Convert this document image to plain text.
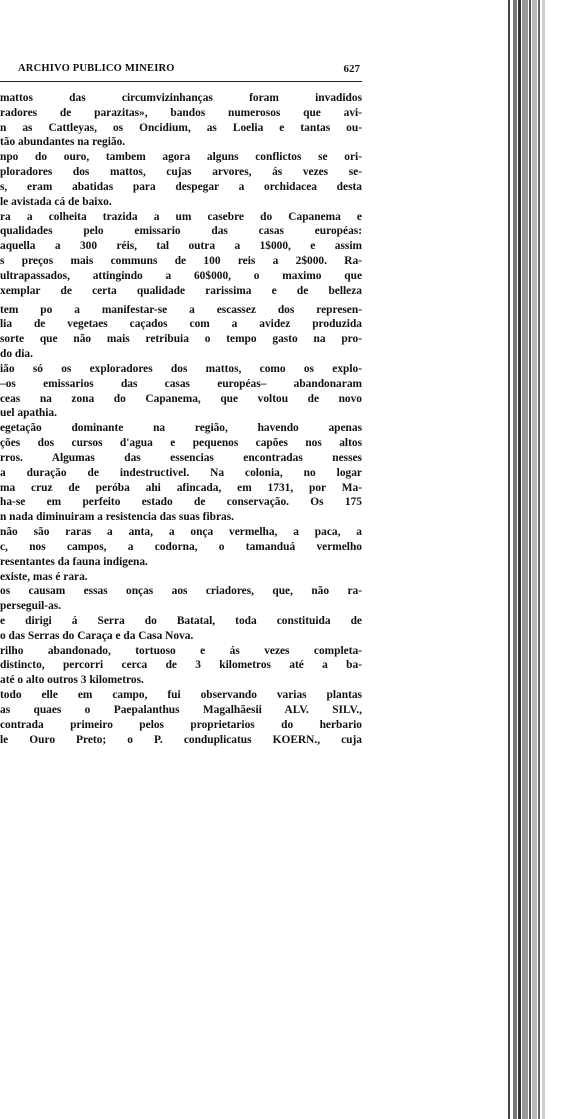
ARCHIVO PUBLICO MINEIRO	627
mattos das circumvizinhanças foram invadidos
radores de parazitas», bandos numerosos que avi-
n as Cattleyas, os Oncidium, as Loelia e tantas ou-
tão abundantes na região.
npo do ouro, tambem agora alguns conflictos se ori-
ploradores dos mattos, cujas arvores, ás vezes se-
s, eram abatidas para despegar a orchidacea desta
le avistada cá de baixo.
ra a colheita trazida a um casebre do Capanema e
qualidades pelo emissario das casas européas:
aquella a 300 réis, tal outra a 1$000, e assim
s preços mais communs de 100 reis a 2$000. Ra-
ultrapassados, attingindo a 60$000, o maximo que
xemplar de certa qualidade rarissima e de belleza
tem po a manifestar-se a escassez dos represen-
lia de vegetaes caçados com a avidez produzida
sorte que não mais retribuia o tempo gasto na pro-
do dia.
ião só os exploradores dos mattos, como os explo-
–os emissarios das casas européas– abandonaram
ceas na zona do Capanema, que voltou de novo
uel apathia.
egetação dominante na região, havendo apenas
ções dos cursos d'agua e pequenos capões nos altos
rros. Algumas das essencias encontradas nesses
a duração de indestructivel. Na colonia, no logar
ma cruz de peróba ahi afincada, em 1731, por Ma-
ha-se em perfeito estado de conservação. Os 175
n nada diminuiram a resistencia das suas fibras.
não são raras a anta, a onça vermelha, a paca, a
c, nos campos, a codorna, o tamanduá vermelho
resentantes da fauna indigena.
existe, mas é rara.
os causam essas onças aos criadores, que, não ra-
perseguil-as.
e dirigi á Serra do Batatal, toda constituida de
o das Serras do Caraça e da Casa Nova.
rilho abandonado, tortuoso e ás vezes completa-
distincto, percorri cerca de 3 kilometros até a ba-
até o alto outros 3 kilometros.
todo elle em campo, fui observando varias plantas
as quaes o Paepalanthus Magalhãesii ALV. SILV.,
contrada primeiro pelos proprietarios do herbario
le Ouro Preto; o P. conduplicatus KOERN., cuja
